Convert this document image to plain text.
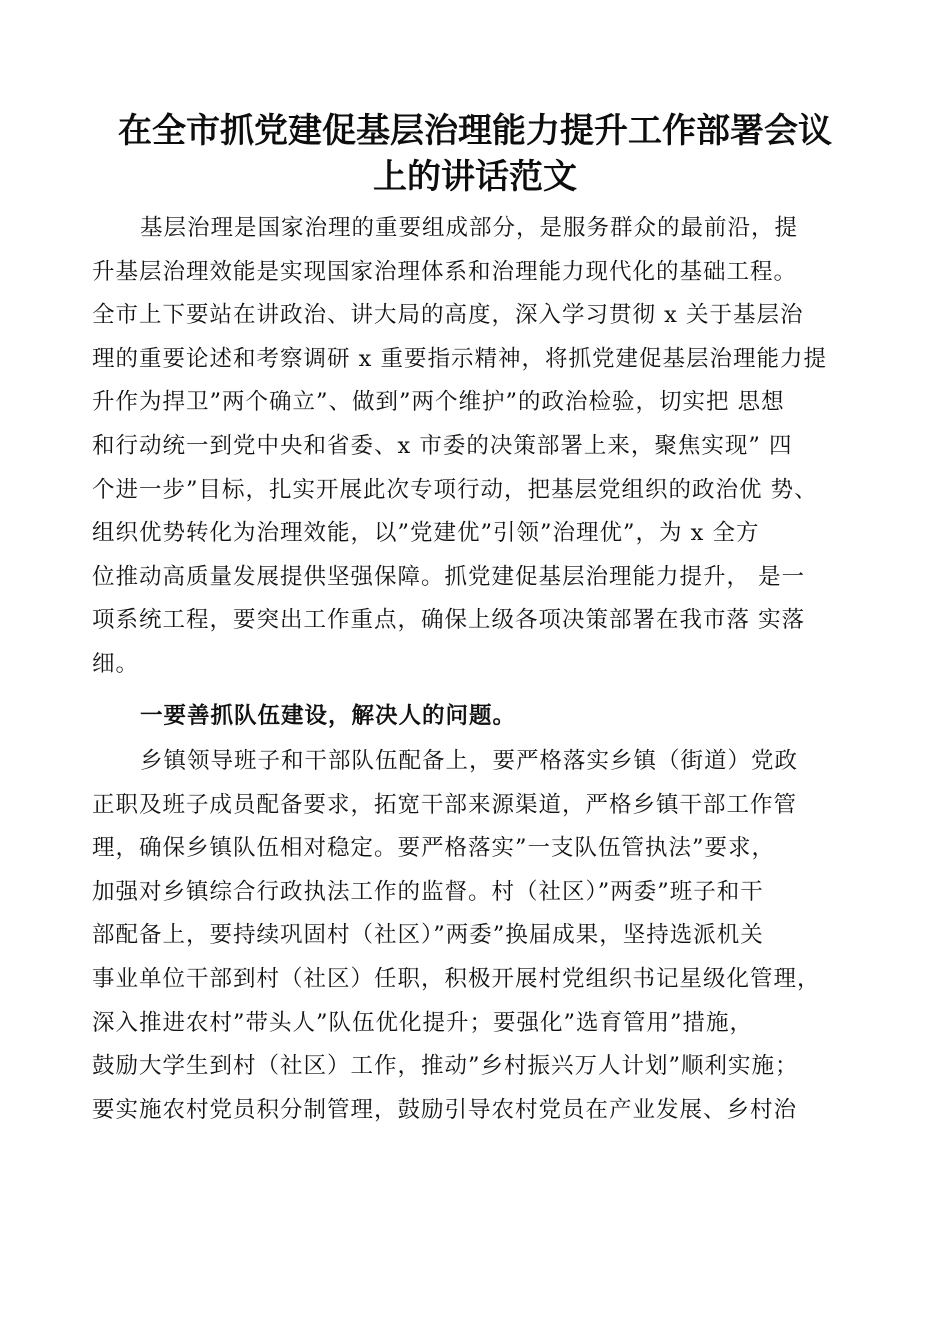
在全市抓党建促基层治理能力提升工作部署会议
上的讲话范文
基层治理是国家治理的重要组成部分，是服务群众的最前沿，提
升基层治理效能是实现国家治理体系和治理能力现代化的基础工程。
全市上下要站在讲政治、讲大局的高度，深入学习贯彻 x 关于基层治
理的重要论述和考察调研 x 重要指示精神，将抓党建促基层治理能力提
升作为捍卫”两个确立”、做到”两个维护”的政治检验，切实把 思想
和行动统一到党中央和省委、x 市委的决策部署上来，聚焦实现” 四
个进一步”目标，扎实开展此次专项行动，把基层党组织的政治优 势、
组织优势转化为治理效能，以”党建优”引领”治理优”，为 x 全方
位推动高质量发展提供坚强保障。抓党建促基层治理能力提升， 是一
项系统工程，要突出工作重点，确保上级各项决策部署在我市落 实落
细。
一要善抓队伍建设，解决人的问题。
乡镇领导班子和干部队伍配备上，要严格落实乡镇（街道）党政
正职及班子成员配备要求，拓宽干部来源渠道，严格乡镇干部工作管
理，确保乡镇队伍相对稳定。要严格落实”一支队伍管执法”要求，
加强对乡镇综合行政执法工作的监督。村（社区）”两委”班子和干
部配备上，要持续巩固村（社区）”两委”换届成果，坚持选派机关
事业单位干部到村（社区）任职，积极开展村党组织书记星级化管理，
深入推进农村”带头人”队伍优化提升；要强化”选育管用”措施，
鼓励大学生到村（社区）工作，推动”乡村振兴万人计划”顺利实施；
要实施农村党员积分制管理，鼓励引导农村党员在产业发展、乡村治
